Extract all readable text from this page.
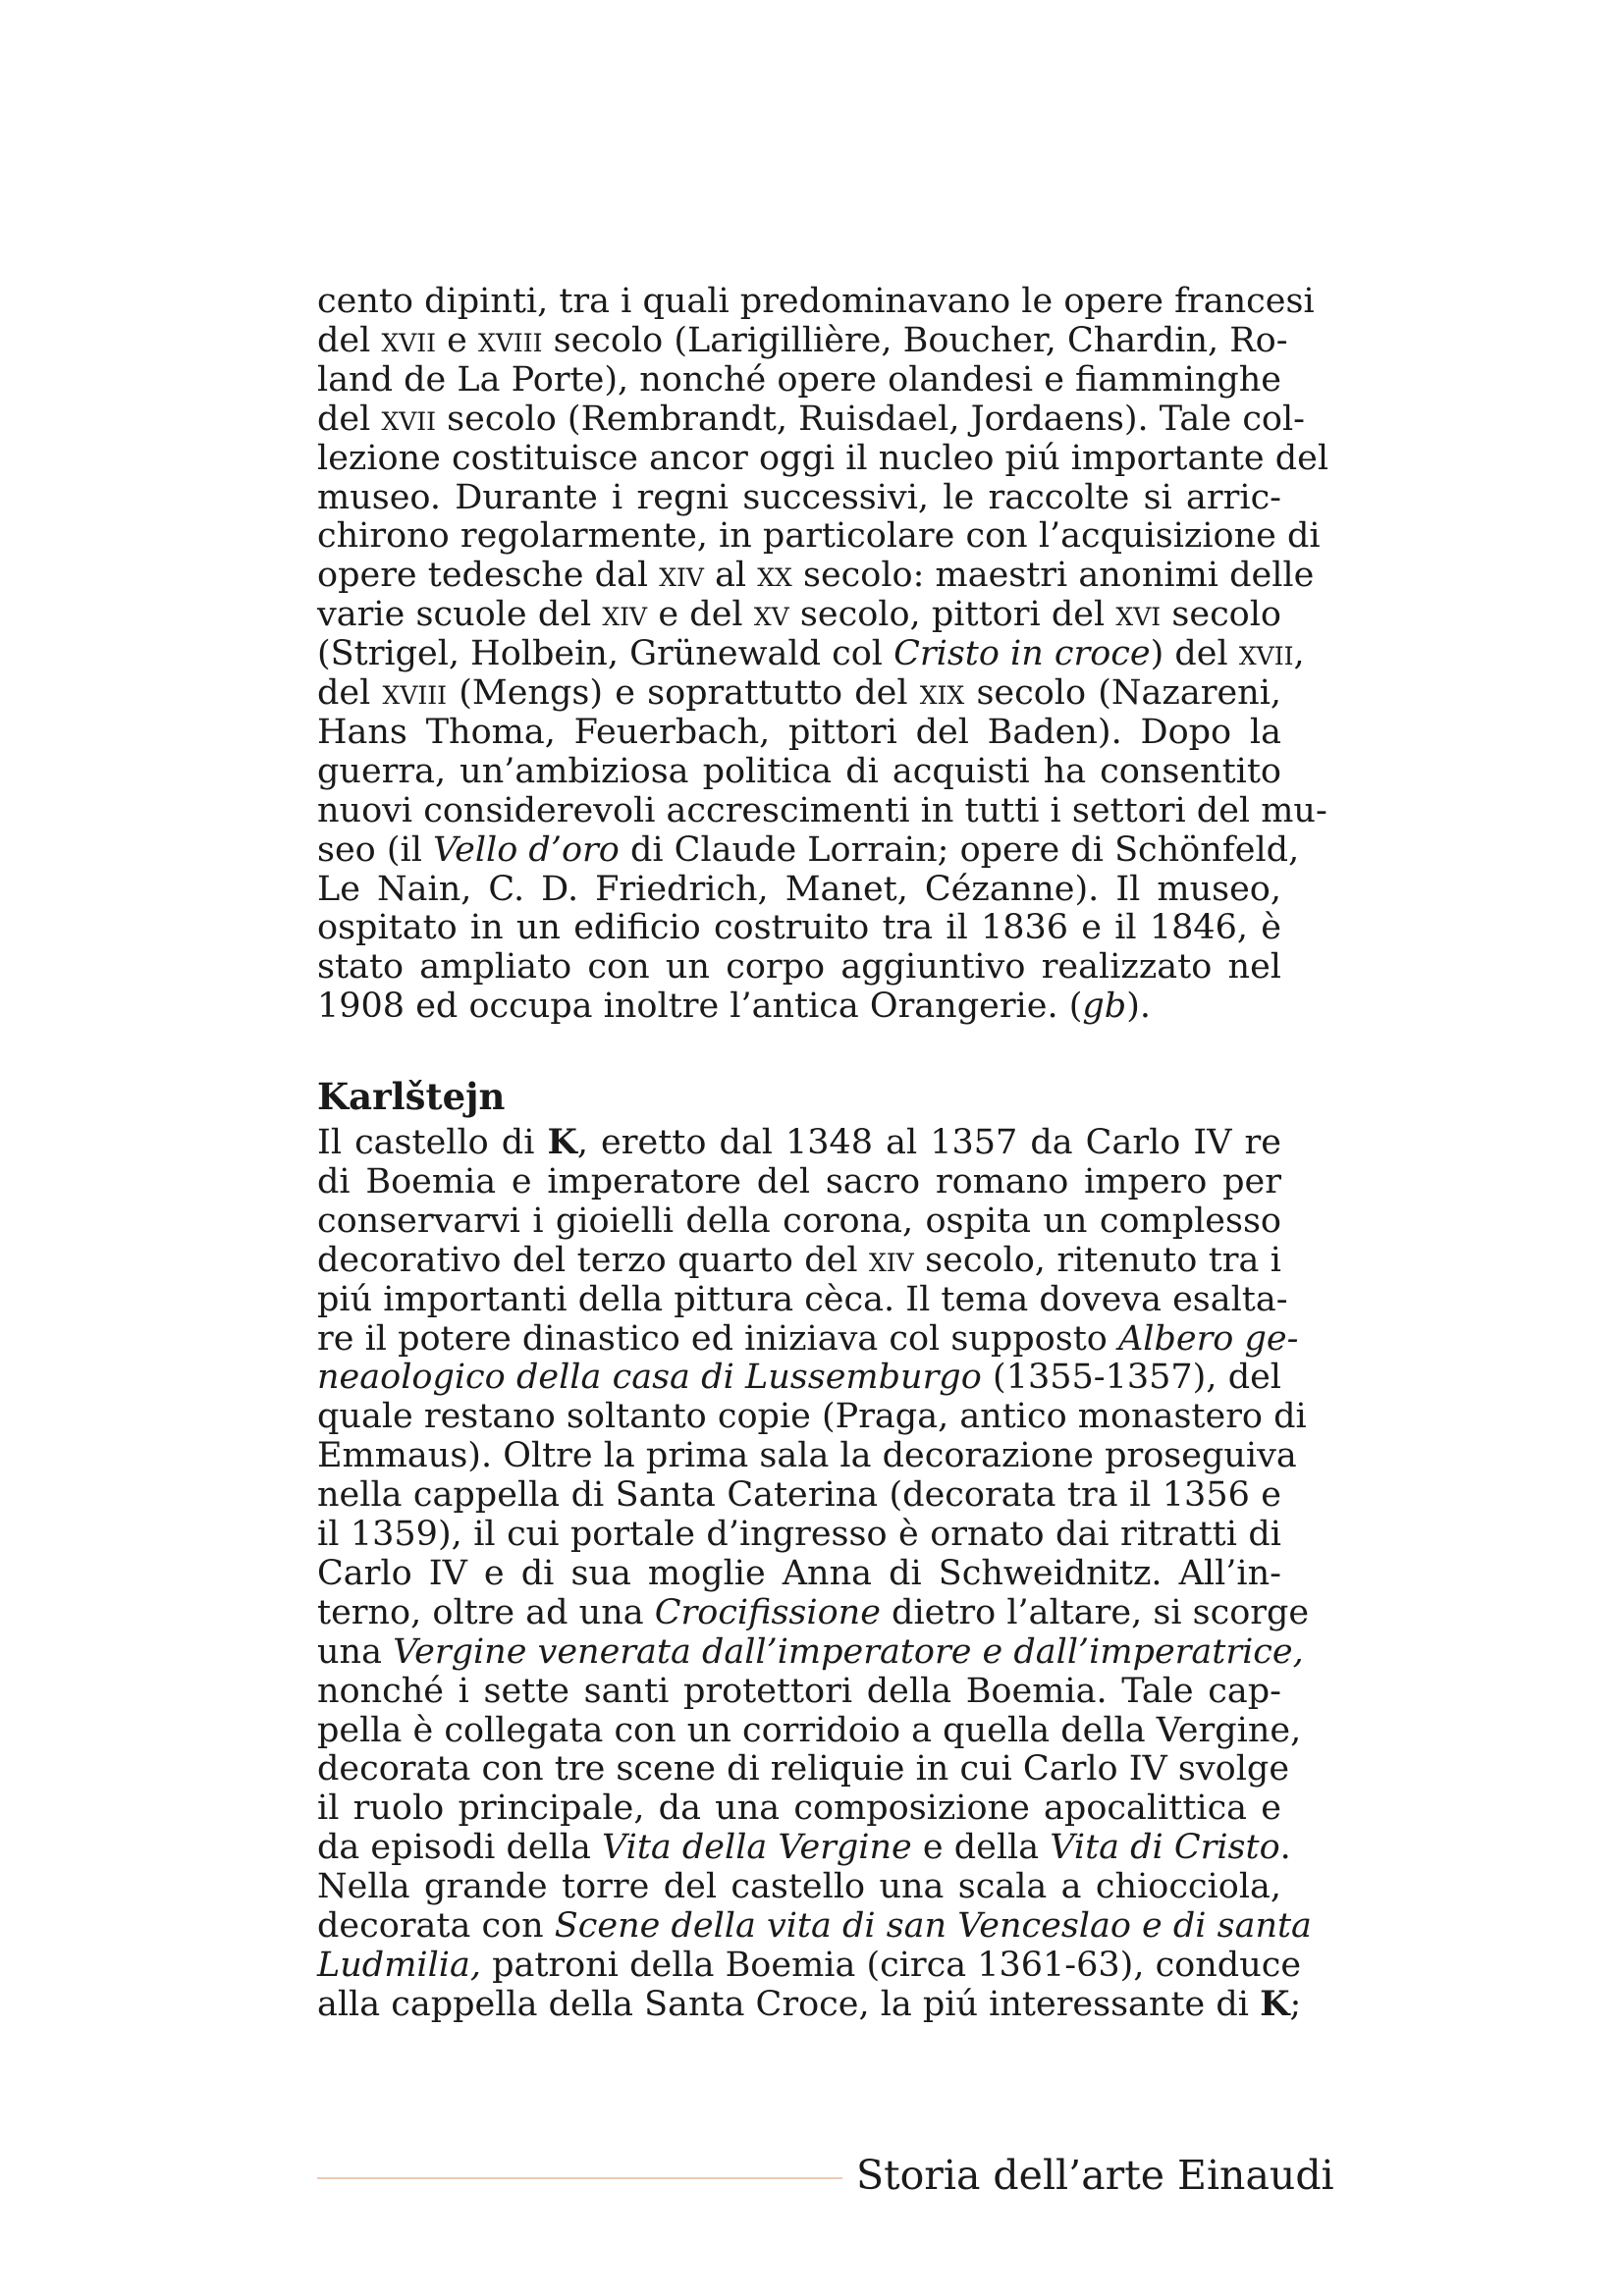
cento dipinti, tra i quali predominavano le opere francesi
del xvii e xviii secolo (Larigillière, Boucher, Chardin, Ro-
land de La Porte), nonché opere olandesi e fiamminghe
del xvii secolo (Rembrandt, Ruisdael, Jordaens). Tale col-
lezione costituisce ancor oggi il nucleo piú importante del
museo. Durante i regni successivi, le raccolte si arric-
chirono regolarmente, in particolare con l’acquisizione di
opere tedesche dal xiv al xx secolo: maestri anonimi delle
varie scuole del xiv e del xv secolo, pittori del xvi secolo
(Strigel, Holbein, Grünewald col Cristo in croce) del xvii,
del xviii (Mengs) e soprattutto del xix secolo (Nazareni,
Hans Thoma, Feuerbach, pittori del Baden). Dopo la
guerra, un’ambiziosa politica di acquisti ha consentito
nuovi considerevoli accrescimenti in tutti i settori del mu-
seo (il Vello d’oro di Claude Lorrain; opere di Schönfeld,
Le Nain, C. D. Friedrich, Manet, Cézanne). Il museo,
ospitato in un edificio costruito tra il 1836 e il 1846, è
stato ampliato con un corpo aggiuntivo realizzato nel
1908 ed occupa inoltre l’antica Orangerie. (gb).
Karlštejn
Il castello di K, eretto dal 1348 al 1357 da Carlo IV re
di Boemia e imperatore del sacro romano impero per
conservarvi i gioielli della corona, ospita un complesso
decorativo del terzo quarto del xiv secolo, ritenuto tra i
piú importanti della pittura cèca. Il tema doveva esalta-
re il potere dinastico ed iniziava col supposto Albero ge-
neaologico della casa di Lussemburgo (1355-1357), del
quale restano soltanto copie (Praga, antico monastero di
Emmaus). Oltre la prima sala la decorazione proseguiva
nella cappella di Santa Caterina (decorata tra il 1356 e
il 1359), il cui portale d’ingresso è ornato dai ritratti di
Carlo IV e di sua moglie Anna di Schweidnitz. All’in-
terno, oltre ad una Crocifissione dietro l’altare, si scorge
una Vergine venerata dall’imperatore e dall’imperatrice,
nonché i sette santi protettori della Boemia. Tale cap-
pella è collegata con un corridoio a quella della Vergine,
decorata con tre scene di reliquie in cui Carlo IV svolge
il ruolo principale, da una composizione apocalittica e
da episodi della Vita della Vergine e della Vita di Cristo.
Nella grande torre del castello una scala a chiocciola,
decorata con Scene della vita di san Venceslao e di santa
Ludmilia, patroni della Boemia (circa 1361-63), conduce
alla cappella della Santa Croce, la piú interessante di K;
Storia dell’arte Einaudi
